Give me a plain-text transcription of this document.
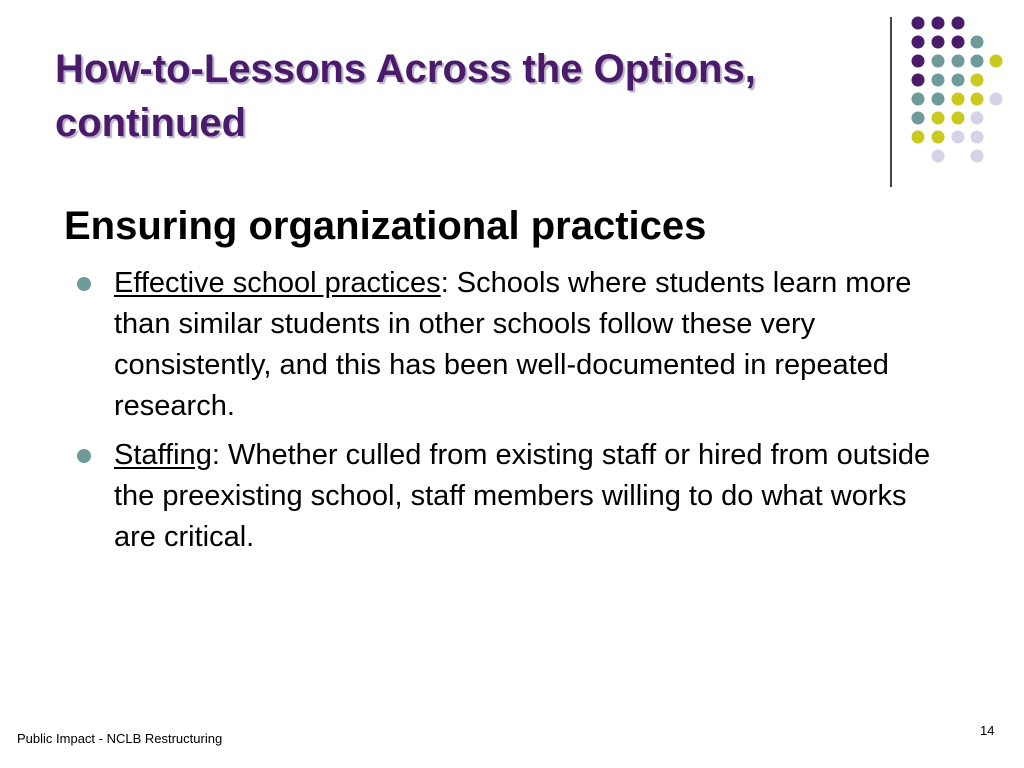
How-to-Lessons Across the Options,
continued
Ensuring organizational practices
Effective school practices: Schools where students learn more than similar students in other schools follow these very consistently, and this has been well-documented in repeated research.
Staffing: Whether culled from existing staff or hired from outside the preexisting school, staff members willing to do what works are critical.
Public Impact - NCLB Restructuring
14
